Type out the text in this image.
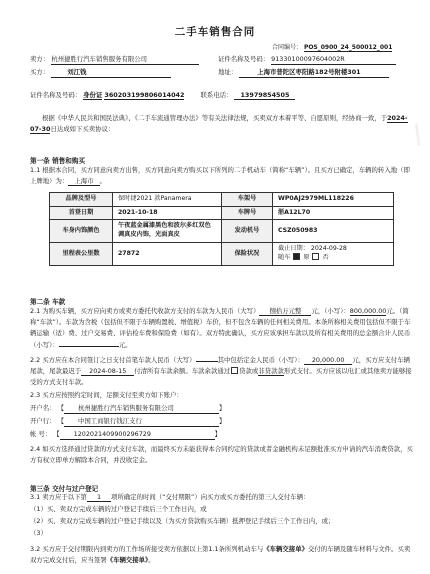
二手车销售合同
合同编号： POS_0900_24_500012_001
卖方： 杭州捷胜行汽车销售服务有限公司	证件名称及号码： 91330100097604002R
买方：	刘江钱	地址：	上海市普陀区枣阳路182号附楼301
证件名称及号码： 身份证 360203199806014042	联系电话： 13979854505
根据《中华人民共和国民法典》、《二手车流通管理办法》等有关法律法规，买卖双方本着平等、自愿原则，经协商一致，于2024-07-30日达成如下买卖协议：	/
第一条 销售和购买
1.1 根据本合同，买方同意向卖方出售，买方同意向卖方购买以下所列的二手机动车（简称“车辆”）。且买方已确定，车辆的转入地（即上牌地）为： 上海市 。
品牌及型号	保时捷2021 款Panamera	车架号	WP0AJ2979ML118226
首登日期	2021-10-18	车牌号	浙A12L70
车身内饰颜色	午夜蓝金属漆黑色和波尔多红双色调真皮内饰，光面真皮	发动机号	CSZ050983
里程表公里数	27872	保险状况	截止日期： 2024-09-28
随车 原 否
第二条 车款
2.1 为购买车辆，买方应向卖方或卖方委托代收款方支付的车款为人民币（大写） 捌拾万元整 元，（小写）：800,000.00元。（简称“车款”）。车款为含税（包括但不限于车辆购置税、增值税）车价，但不包含车辆的任何相关费用。本条所称相关费用包括但不限于车辆运输（适）费、过户交易费、评估检车费和保险费（如有）。双方特此确认，买方应该承担车款以及所有相关费用的总金额合计人民币（小写）：	元。
2.2 买方应在本合同签订之日支付首笔车款人民币（大写）	其中包括定金人民币（小写）： 20,000.00 元，买方应支付车辆尾款，尾款最迟于 2024-08-15 付清所有车款余额。车款余款通过 贷款或非贷款款形式支付。买方应该以电汇或其他卖方能够接受的方式支付车款。
2.3 买方应按照约定时间，足额支付至卖方如下账户：
开户名： 【 杭州捷胜行汽车销售服务有限公司	】
开户行： 【 中国工商银行钱江支行	】
帐 号： 【 1202021409900296729	】
2.4 如买方选择通过贷款的方式支付车款，而最终买方未能获得本合同约定的贷款或者金融机构未足额批准买方申请的汽车消费贷款，买方有权立即单方解除本合同，并没收定金。
第三条 交付与过户登记
3.1 卖方应于以下第 1 项所确定的时间（“交付期限”）向买方或买方委托的第三人交付车辆：
（1）买、卖双方完成车辆的过户登记手续后三个工作日内，或
（2）买、卖双方完成车辆的过户登记手续以及（为买方贷款购买车辆）抵押登记手续后三个工作日内，或；
（3）
3.2 买方应于交付期限内到卖方的工作场所接受卖方依据以上第1.1条所列机动车与《车辆交接单》交付的车辆及随车材料与文件。买卖双方完成交付后，应当签署《车辆交接单》。
